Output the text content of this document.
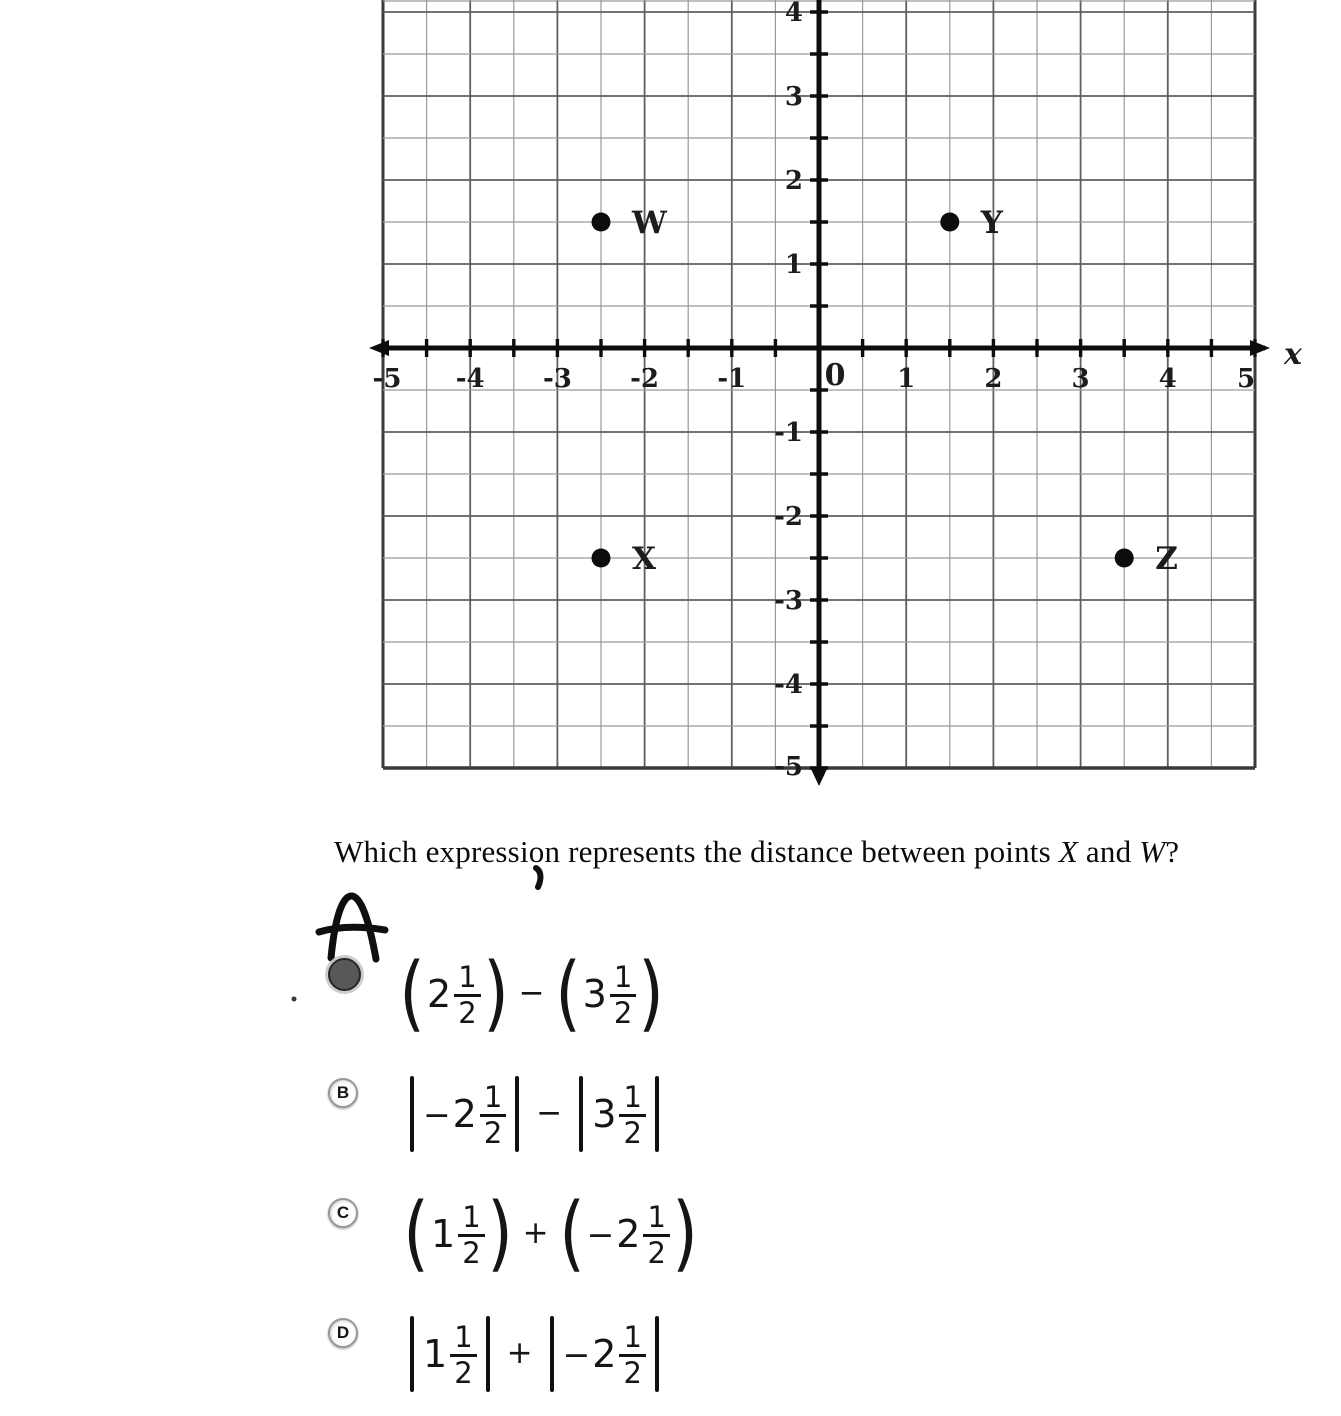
-5 -4 -3 -2 -1	1	2	3	4 5
0
4
3
2
1
-1
-2
-3
-4
-5
x
W	Y
X	Z
Which expression represents the distance between points X and W?
( $2 \frac{1}{2}$ ) − ( $3 \frac{1}{2}$ )
B
− $2 \frac{1}{2} - 3 \frac{1}{2}$
C ( $1 \frac{1}{2}$ ) + ( − $2 \frac{1}{2}$ )
D $1 \frac{1}{2}$ + − $2 \frac{1}{2}$
